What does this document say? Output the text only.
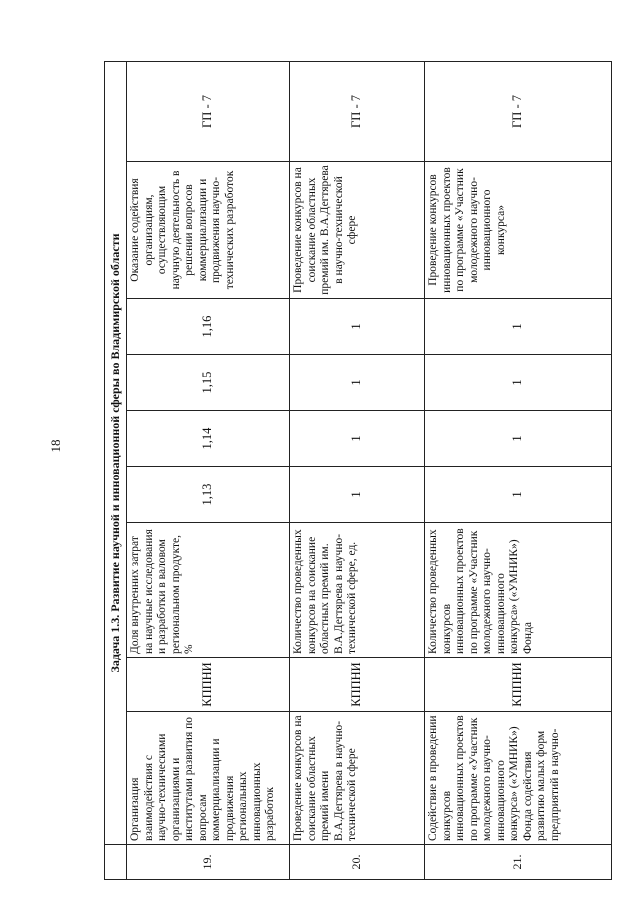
18
		Задача 1.3. Развитие научной и инновационной сферы во Владимирской области								
19.	Организация взаимодействия с научно-техническими организациями и институтами развития по вопросам коммерциализации и продвижения региональных инновационных разработок	КППНИ	Доля внутренних затрат на научные исследования и разработки в валовом региональном продукте, %	1,13	1,14	1,15	1,16	Оказание содействия организациям, осуществляющим научную деятельность в решении вопросов коммерциализации и продвижения научно-технических разработок	ГП - 7
20.	Проведение конкурсов на соискание областных премий имени В.А.Дегтярева в научно-технической сфере	КППНИ	Количество проведенных конкурсов на соискание областных премий им. В.А.Дегтярева в научно-технической сфере, ед.	1	1	1	1	Проведение конкурсов на соискание областных премий им. В.А.Дегтярева в научно-технической сфере	ГП - 7
21.	Содействие в проведении конкурсов инновационных проектов по программе «Участник молодежного научно-инновационного конкурса» («УМНИК») Фонда содействия развитию малых форм предприятий в научно-	КППНИ	Количество проведенных конкурсов инновационных проектов по программе «Участник молодежного научно-инновационного конкурса» («УМНИК») Фонда	1	1	1	1	Проведение конкурсов инновационных проектов по программе «Участник молодежного научно-инновационного конкурса»	ГП - 7
